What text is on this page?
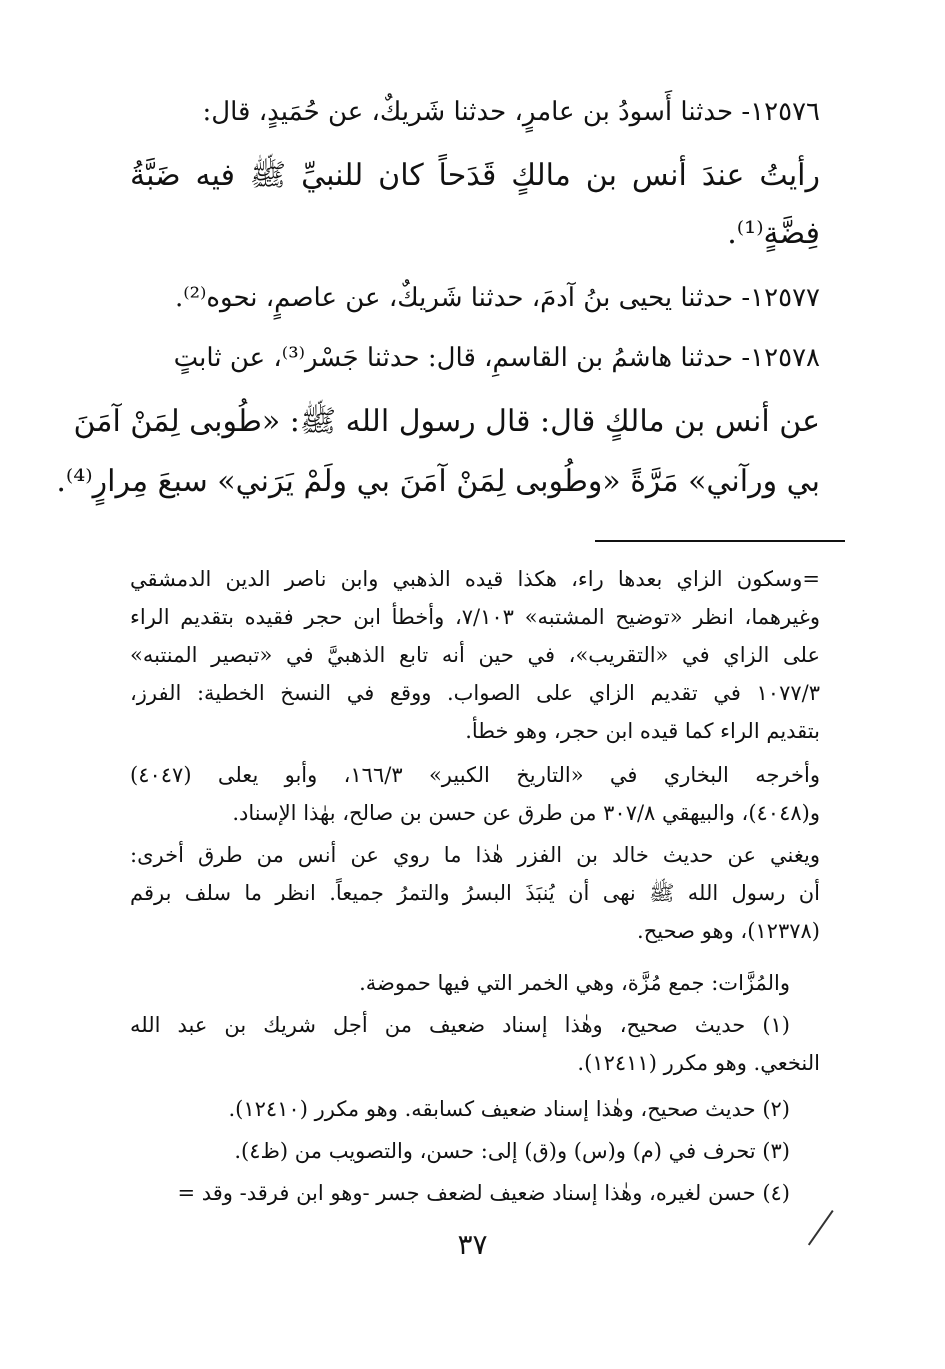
١٢٥٧٦- حدثنا أَسودُ بن عامرٍ، حدثنا شَريكٌ، عن حُمَيدٍ، قال:
رأيتُ عندَ أنس بن مالكٍ قَدَحاً كان للنبيِّ ﷺ فيه ضَبَّةُ
فِضَّةٍ⁽¹⁾.
١٢٥٧٧- حدثنا يحيى بنُ آدمَ، حدثنا شَريكٌ، عن عاصمٍ، نحوه⁽²⁾.
١٢٥٧٨- حدثنا هاشمُ بن القاسمِ، قال: حدثنا جَسْر⁽³⁾، عن ثابتٍ
عن أنس بن مالكٍ قال: قال رسول الله ﷺ: «طُوبى لِمَنْ آمَنَ
بي ورآني» مَرَّةً «وطُوبى لِمَنْ آمَنَ بي ولَمْ يَرَني» سبعَ مِرارٍ⁽⁴⁾.
=وسكون الزاي بعدها راء، هكذا قيده الذهبي وابن ناصر الدين الدمشقي
وغيرهما، انظر «توضيح المشتبه» ٧/١٠٣، وأخطأ ابن حجر فقيده بتقديم الراء
على الزاي في «التقريب»، في حين أنه تابع الذهبيَّ في «تبصير المنتبه»
١٠٧٧/٣ في تقديم الزاي على الصواب. ووقع في النسخ الخطية: الفرز،
بتقديم الراء كما قيده ابن حجر، وهو خطأ.
وأخرجه البخاري في «التاريخ الكبير» ١٦٦/٣، وأبو يعلى (٤٠٤٧)
و(٤٠٤٨)، والبيهقي ٣٠٧/٨ من طرق عن حسن بن صالح، بهٰذا الإسناد.
ويغني عن حديث خالد بن الفزر هٰذا ما روي عن أنس من طرق أخرى:
أن رسول الله ﷺ نهى أن يُنبَذَ البسرُ والتمرُ جميعاً. انظر ما سلف برقم
(١٢٣٧٨)، وهو صحيح.
والمُزَّات: جمع مُزَّة، وهي الخمر التي فيها حموضة.
(١) حديث صحيح، وهٰذا إسناد ضعيف من أجل شريك بن عبد الله
النخعي. وهو مكرر (١٢٤١١).
(٢) حديث صحيح، وهٰذا إسناد ضعيف كسابقه. وهو مكرر (١٢٤١٠).
(٣) تحرف في (م) و(س) و(ق) إلى: حسن، والتصويب من (ظ٤).
(٤) حسن لغيره، وهٰذا إسناد ضعيف لضعف جسر -وهو ابن فرقد- وقد =
٣٧
